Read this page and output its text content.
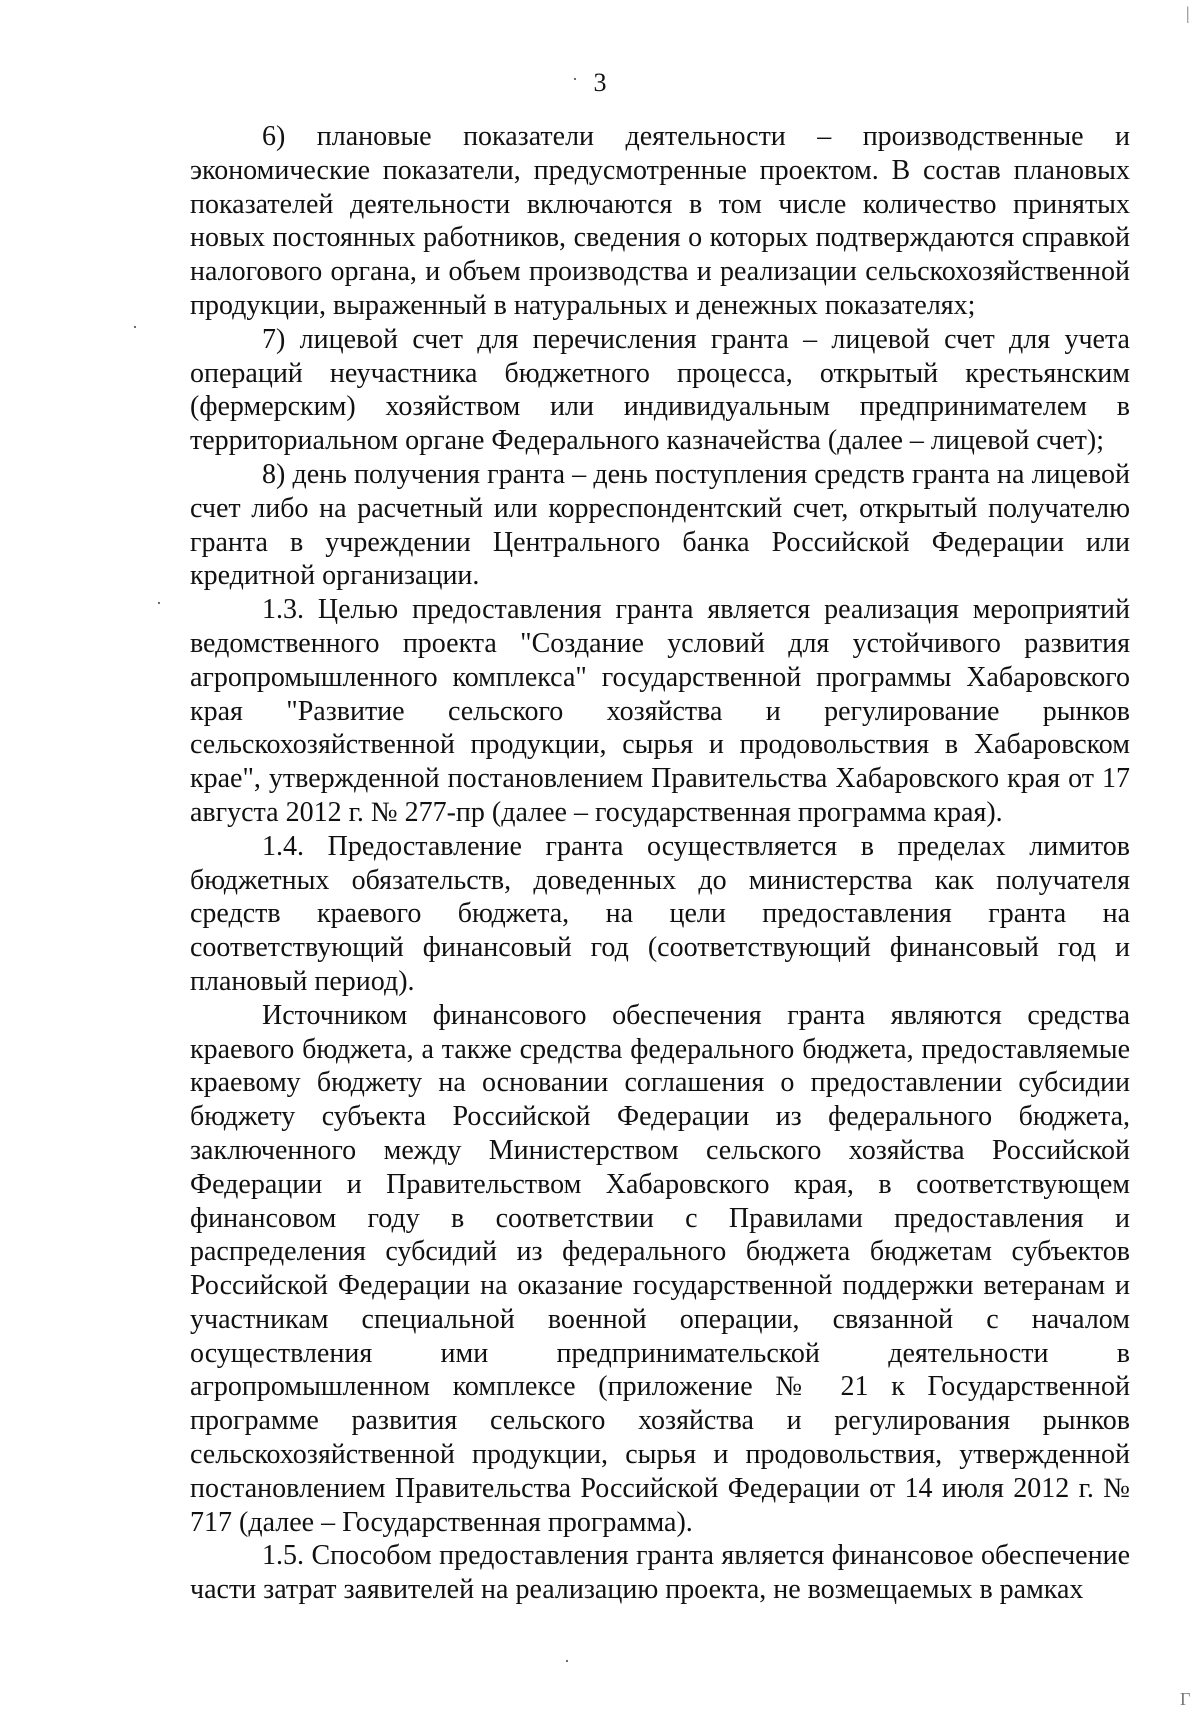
3

6) плановые показатели деятельности – производственные и экономические показатели, предусмотренные проектом. В состав плановых показателей деятельности включаются в том числе количество принятых новых постоянных работников, сведения о которых подтверждаются справкой налогового органа, и объем производства и реализации сельскохозяйственной продукции, выраженный в натуральных и денежных показателях;

7) лицевой счет для перечисления гранта – лицевой счет для учета операций неучастника бюджетного процесса, открытый крестьянским (фермерским) хозяйством или индивидуальным предпринимателем в территориальном органе Федерального казначейства (далее – лицевой счет);

8) день получения гранта – день поступления средств гранта на лицевой счет либо на расчетный или корреспондентский счет, открытый получателю гранта в учреждении Центрального банка Российской Федерации или кредитной организации.

1.3. Целью предоставления гранта является реализация мероприятий ведомственного проекта "Создание условий для устойчивого развития агропромышленного комплекса" государственной программы Хабаровского края "Развитие сельского хозяйства и регулирование рынков сельскохозяйственной продукции, сырья и продовольствия в Хабаровском крае", утвержденной постановлением Правительства Хабаровского края от 17 августа 2012 г. № 277-пр (далее – государственная программа края).

1.4. Предоставление гранта осуществляется в пределах лимитов бюджетных обязательств, доведенных до министерства как получателя средств краевого бюджета, на цели предоставления гранта на соответствующий финансовый год (соответствующий финансовый год и плановый период).

Источником финансового обеспечения гранта являются средства краевого бюджета, а также средства федерального бюджета, предоставляемые краевому бюджету на основании соглашения о предоставлении субсидии бюджету субъекта Российской Федерации из федерального бюджета, заключенного между Министерством сельского хозяйства Российской Федерации и Правительством Хабаровского края, в соответствующем финансовом году в соответствии с Правилами предоставления и распределения субсидий из федерального бюджета бюджетам субъектов Российской Федерации на оказание государственной поддержки ветеранам и участникам специальной военной операции, связанной с началом осуществления ими предпринимательской деятельности в агропромышленном комплексе (приложение № 21 к Государственной программе развития сельского хозяйства и регулирования рынков сельскохозяйственной продукции, сырья и продовольствия, утвержденной постановлением Правительства Российской Федерации от 14 июля 2012 г. № 717 (далее – Государственная программа).

1.5. Способом предоставления гранта является финансовое обеспечение части затрат заявителей на реализацию проекта, не возмещаемых в рамках

·
·
·
·
|
Γ
